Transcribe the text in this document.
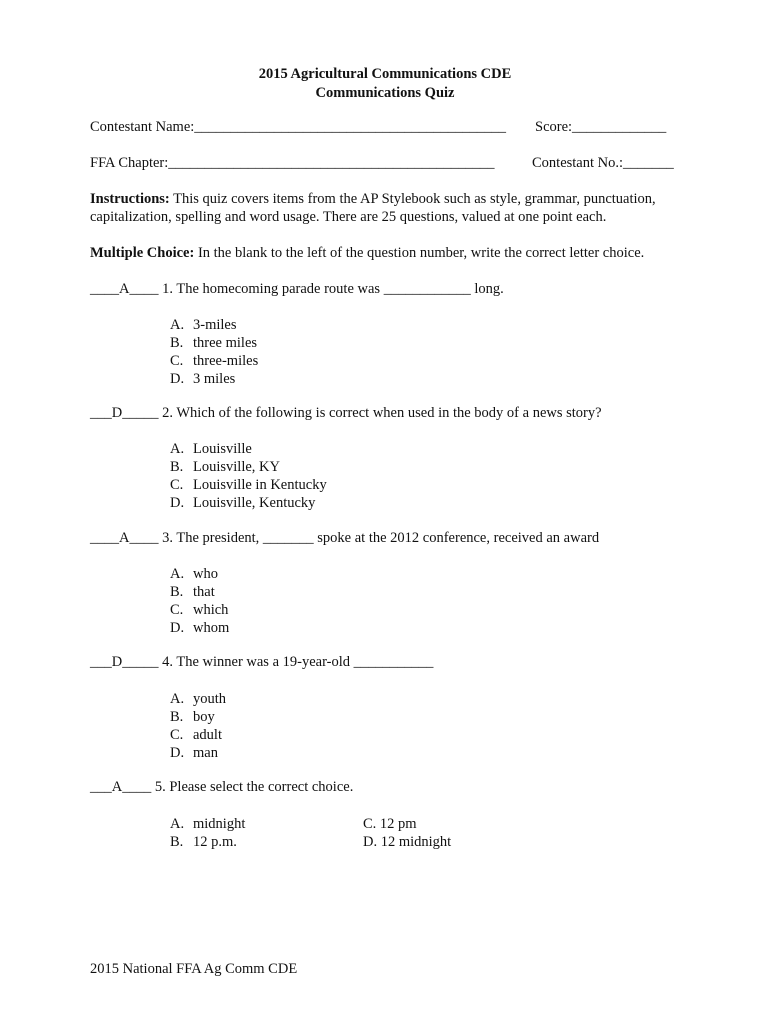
2015 Agricultural Communications CDE
Communications Quiz
Contestant Name:___________________________________________ Score:_____________
FFA Chapter:_____________________________________________	Contestant No.:_______
Instructions: This quiz covers items from the AP Stylebook such as style, grammar, punctuation, capitalization, spelling and word usage. There are 25 questions, valued at one point each.
Multiple Choice: In the blank to the left of the question number, write the correct letter choice.
____A____ 1. The homecoming parade route was ____________ long.
A. 3-miles
B. three miles
C. three-miles
D. 3 miles
___D_____ 2. Which of the following is correct when used in the body of a news story?
A. Louisville
B. Louisville, KY
C. Louisville in Kentucky
D. Louisville, Kentucky
____A____ 3. The president, _______ spoke at the 2012 conference, received an award
A. who
B. that
C. which
D. whom
___D_____ 4. The winner was a 19-year-old ___________
A. youth
B. boy
C. adult
D. man
___A____ 5. Please select the correct choice.
A. midnight
B. 12 p.m.
C. 12 pm
D. 12 midnight
2015 National FFA Ag Comm CDE
